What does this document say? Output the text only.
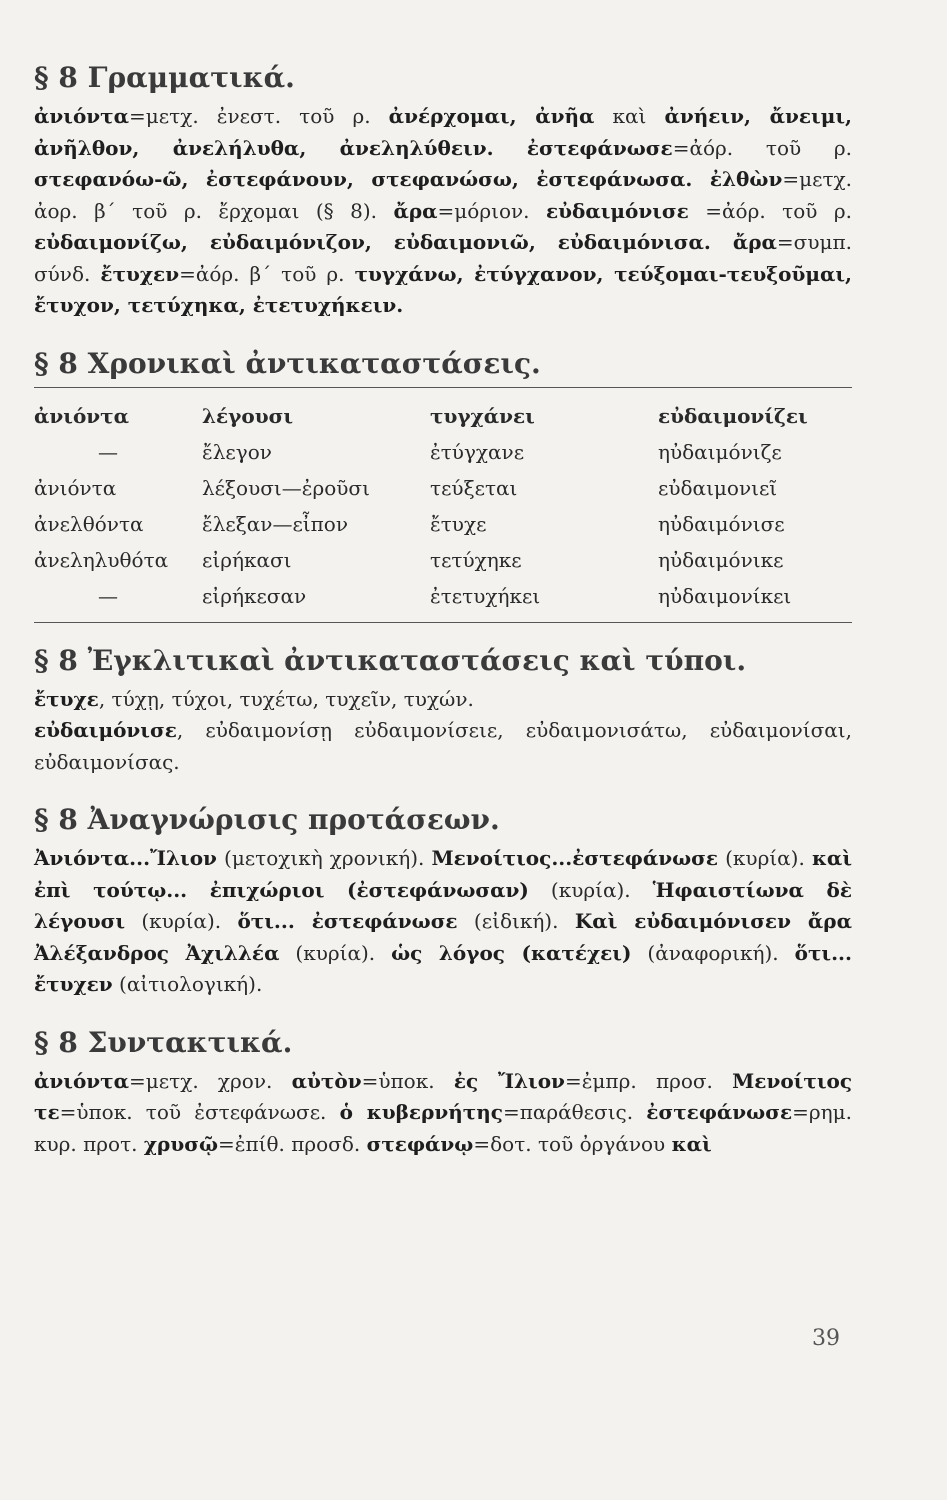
§ 8 Γραμματικά.

ἀνιόντα=μετχ. ἐνεστ. τοῦ ρ. ἀνέρχομαι, ἀνῆα καὶ ἀνήειν, ἄνειμι, ἀνῆλθον, ἀνελήλυθα, ἀνεληλύθειν. ἐστεφάνωσε=ἀόρ. τοῦ ρ. στεφανόω-ῶ, ἐστεφάνουν, στεφανώσω, ἐστεφάνωσα. ἐλθὼν=μετχ. ἀορ. β΄ τοῦ ρ. ἔρχομαι (§ 8). ἄρα=μόριον. εὐδαιμόνισε =ἀόρ. τοῦ ρ. εὐδαιμονίζω, εὐδαιμόνιζον, εὐδαιμονιῶ, εὐδαιμόνισα. ἄρα=συμπ. σύνδ. ἔτυχεν=ἀόρ. β΄ τοῦ ρ. τυγχάνω, ἐτύγχανον, τεύξομαι-τευξοῦμαι, ἔτυχον, τετύχηκα, ἐτετυχήκειν.

§ 8 Χρονικαὶ ἀντικαταστάσεις.
ἀνιόντα	λέγουσι	τυγχάνει	εὐδαιμονίζει
—	ἔλεγον	ἐτύγχανε	ηὐδαιμόνιζε
ἀνιόντα	λέξουσι—ἐροῦσι	τεύξεται	εὐδαιμονιεῖ
ἀνελθόντα	ἔλεξαν—εἶπον	ἔτυχε	ηὐδαιμόνισε
ἀνεληλυθότα	εἰρήκασι	τετύχηκε	ηὐδαιμόνικε
—	εἰρήκεσαν	ἐτετυχήκει	ηὐδαιμονίκει
§ 8 Ἐγκλιτικαὶ ἀντικαταστάσεις καὶ τύποι.

ἔτυχε, τύχῃ, τύχοι, τυχέτω, τυχεῖν, τυχών.

εὐδαιμόνισε, εὐδαιμονίσῃ εὐδαιμονίσειε, εὐδαιμονισάτω, εὐδαιμονίσαι, εὐδαιμονίσας.

§ 8 Ἀναγνώρισις προτάσεων.

Ἀνιόντα...Ἴλιον (μετοχικὴ χρονική). Μενοίτιος...ἐστεφάνωσε (κυρία). καὶ ἐπὶ τούτῳ... ἐπιχώριοι (ἐστεφάνωσαν) (κυρία). Ἡφαιστίωνα δὲ λέγουσι (κυρία). ὅτι... ἐστεφάνωσε (εἰδική). Καὶ εὐδαιμόνισεν ἄρα Ἀλέξανδρος Ἀχιλλέα (κυρία). ὡς λόγος (κατέχει) (ἀναφορική). ὅτι... ἔτυχεν (αἰτιολογική).

§ 8 Συντακτικά.

ἀνιόντα=μετχ. χρον. αὐτὸν=ὑποκ. ἐς Ἴλιον=ἐμπρ. προσ. Μενοίτιος τε=ὑποκ. τοῦ ἐστεφάνωσε. ὁ κυβερνήτης=παράθεσις. ἐστεφάνωσε=ρημ. κυρ. προτ. χρυσῷ=ἐπίθ. προσδ. στεφάνῳ=δοτ. τοῦ ὀργάνου καὶ

39
